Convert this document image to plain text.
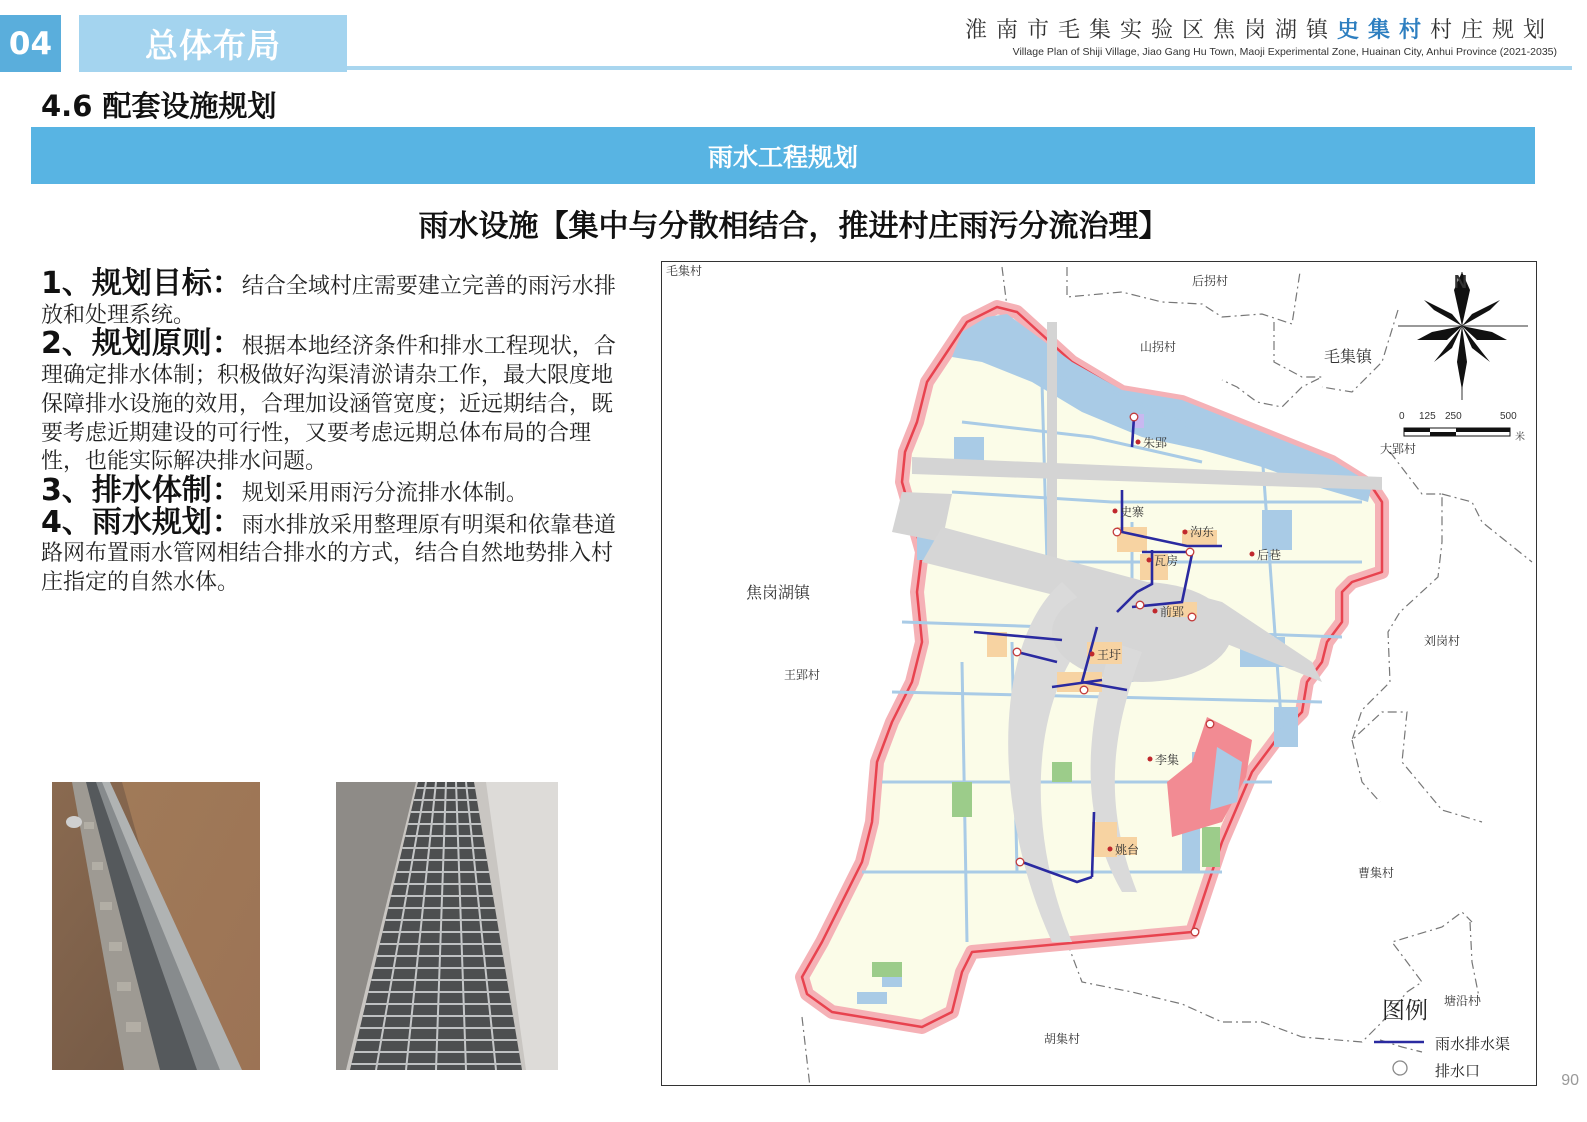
04	总体布局	淮南市毛集实验区焦岗湖镇史集村村庄规划
Village Plan of Shiji Village, Jiao Gang Hu Town, Maoji Experimental Zone, Huainan City, Anhui Province (2021-2035)
4.6 配套设施规划
雨水工程规划
雨水设施【集中与分散相结合，推进村庄雨污分流治理】

1、规划目标：结合全域村庄需要建立完善的雨污水排放和处理系统。

2、规划原则：根据本地经济条件和排水工程现状，合理确定排水体制；积极做好沟渠清淤请杂工作，最大限度地保障排水设施的效用，合理加设涵管宽度；近远期结合，既要考虑近期建设的可行性，又要考虑远期总体布局的合理性，也能实际解决排水问题。

3、排水体制：规划采用雨污分流排水体制。

4、雨水规划：雨水排放采用整理原有明渠和依靠巷道路网布置雨水管网相结合排水的方式，结合自然地势排入村庄指定的自然水体。

毛集村
后拐村
山拐村	毛集镇
大郢村
焦岗湖镇
王郢村
刘岗村
曹集村
塘沿村
胡集村
朱郢
史寨
沟东
后巷
瓦房
前郢
王圩
李集
姚台
N
0 125 250	500
米
图例
雨水排水渠
排水口
90
